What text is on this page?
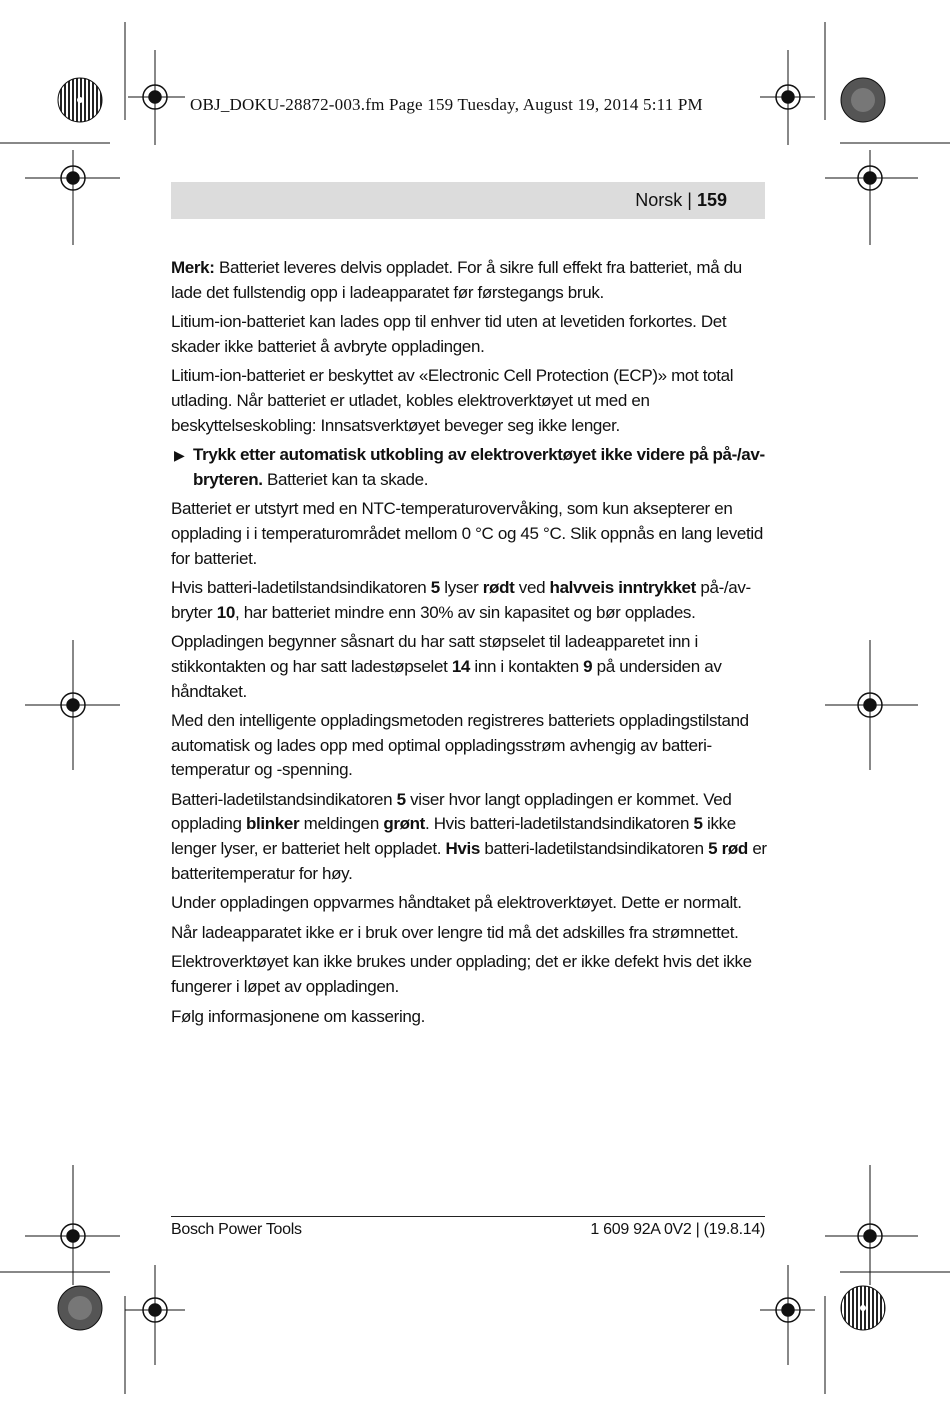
OBJ_DOKU-28872-003.fm Page 159 Tuesday, August 19, 2014 5:11 PM
Norsk | 159

Merk: Batteriet leveres delvis oppladet. For å sikre full effekt fra batteriet, må du lade det fullstendig opp i ladeapparatet før førstegangs bruk.

Litium-ion-batteriet kan lades opp til enhver tid uten at levetiden forkortes. Det skader ikke batteriet å avbryte oppladingen.

Litium-ion-batteriet er beskyttet av «Electronic Cell Protection (ECP)» mot total utlading. Når batteriet er utladet, kobles elektroverktøyet ut med en beskyttelseskobling: Innsatsverktøyet beveger seg ikke lenger.

▶ Trykk etter automatisk utkobling av elektroverktøyet ikke videre på på-/av-bryteren. Batteriet kan ta skade.

Batteriet er utstyrt med en NTC-temperaturovervåking, som kun aksepterer en opplading i i temperaturområdet mellom 0 °C og 45 °C. Slik oppnås en lang levetid for batteriet.

Hvis batteri-ladetilstandsindikatoren 5 lyser rødt ved halvveis inntrykket på-/av-bryter 10, har batteriet mindre enn 30% av sin kapasitet og bør opplades.

Oppladingen begynner såsnart du har satt støpselet til ladeapparetet inn i stikkontakten og har satt ladestøpselet 14 inn i kontakten 9 på undersiden av håndtaket.

Med den intelligente oppladingsmetoden registreres batteriets oppladingstilstand automatisk og lades opp med optimal oppladingsstrøm avhengig av batteri-temperatur og -spenning.

Batteri-ladetilstandsindikatoren 5 viser hvor langt oppladingen er kommet. Ved opplading blinker meldingen grønt. Hvis batteri-ladetilstandsindikatoren 5 ikke lenger lyser, er batteriet helt oppladet. Hvis batteri-ladetilstandsindikatoren 5 rød er batteritemperatur for høy.

Under oppladingen oppvarmes håndtaket på elektroverktøyet. Dette er normalt.

Når ladeapparatet ikke er i bruk over lengre tid må det adskilles fra strømnettet.

Elektroverktøyet kan ikke brukes under opplading; det er ikke defekt hvis det ikke fungerer i løpet av oppladingen.

Følg informasjonene om kassering.

Bosch Power Tools	1 609 92A 0V2 | (19.8.14)
